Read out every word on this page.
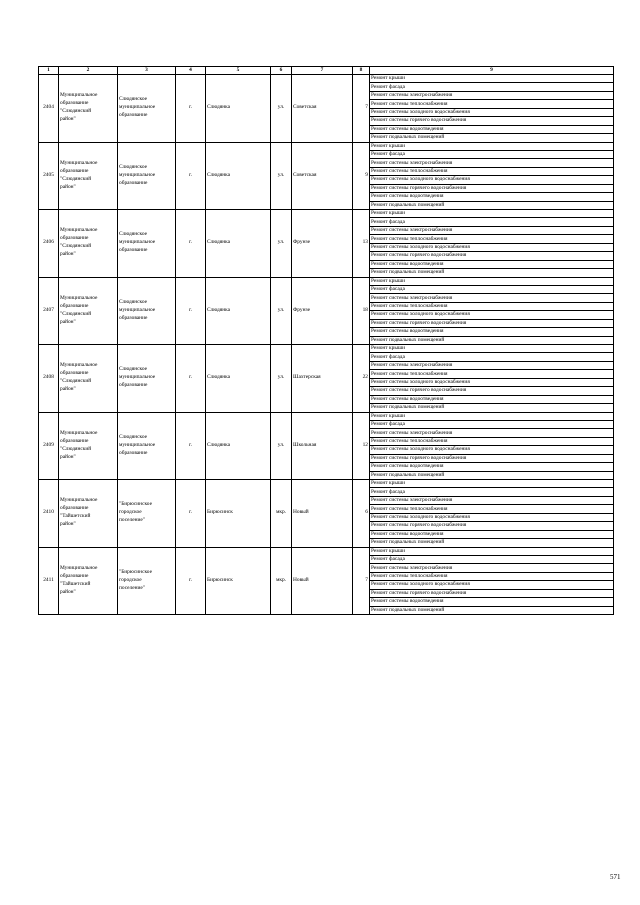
1	2	3	4	5	6	7	8	9
2404	Муниципальное
образование
"Слюдянский
район"	Слюдянское
муниципальное
образование	г.	Слюдянка	ул.	Советская	7	Ремонт крыши
								Ремонт фасада
								Ремонт системы электроснабжения
								Ремонт системы теплоснабжения
								Ремонт системы холодного водоснабжения
								Ремонт системы горячего водоснабжения
								Ремонт системы водоотведения
								Ремонт подвальных помещений
2405	Муниципальное
образование
"Слюдянский
район"	Слюдянское
муниципальное
образование	г.	Слюдянка	ул.	Советская	9	Ремонт крыши
								Ремонт фасада
								Ремонт системы электроснабжения
								Ремонт системы теплоснабжения
								Ремонт системы холодного водоснабжения
								Ремонт системы горячего водоснабжения
								Ремонт системы водоотведения
								Ремонт подвальных помещений
2406	Муниципальное
образование
"Слюдянский
район"	Слюдянское
муниципальное
образование	г.	Слюдянка	ул.	Фрунзе	13	Ремонт крыши
								Ремонт фасада
								Ремонт системы электроснабжения
								Ремонт системы теплоснабжения
								Ремонт системы холодного водоснабжения
								Ремонт системы горячего водоснабжения
								Ремонт системы водоотведения
								Ремонт подвальных помещений
2407	Муниципальное
образование
"Слюдянский
район"	Слюдянское
муниципальное
образование	г.	Слюдянка	ул.	Фрунзе	18	Ремонт крыши
								Ремонт фасада
								Ремонт системы электроснабжения
								Ремонт системы теплоснабжения
								Ремонт системы холодного водоснабжения
								Ремонт системы горячего водоснабжения
								Ремонт системы водоотведения
								Ремонт подвальных помещений
2408	Муниципальное
образование
"Слюдянский
район"	Слюдянское
муниципальное
образование	г.	Слюдянка	ул.	Шахтерская	22	Ремонт крыши
								Ремонт фасада
								Ремонт системы электроснабжения
								Ремонт системы теплоснабжения
								Ремонт системы холодного водоснабжения
								Ремонт системы горячего водоснабжения
								Ремонт системы водоотведения
								Ремонт подвальных помещений
2409	Муниципальное
образование
"Слюдянский
район"	Слюдянское
муниципальное
образование	г.	Слюдянка	ул.	Школьная	12	Ремонт крыши
								Ремонт фасада
								Ремонт системы электроснабжения
								Ремонт системы теплоснабжения
								Ремонт системы холодного водоснабжения
								Ремонт системы горячего водоснабжения
								Ремонт системы водоотведения
								Ремонт подвальных помещений
2410	Муниципальное
образование
"Тайшетский
район"	"Бирюсинское
городское
поселение"	г.	Бирюсинск	мкр.	Новый	6	Ремонт крыши
								Ремонт фасада
								Ремонт системы электроснабжения
								Ремонт системы теплоснабжения
								Ремонт системы холодного водоснабжения
								Ремонт системы горячего водоснабжения
								Ремонт системы водоотведения
								Ремонт подвальных помещений
2411	Муниципальное
образование
"Тайшетский
район"	"Бирюсинское
городское
поселение"	г.	Бирюсинск	мкр.	Новый	7	Ремонт крыши
								Ремонт фасада
								Ремонт системы электроснабжения
								Ремонт системы теплоснабжения
								Ремонт системы холодного водоснабжения
								Ремонт системы горячего водоснабжения
								Ремонт системы водоотведения
								Ремонт подвальных помещений
571
